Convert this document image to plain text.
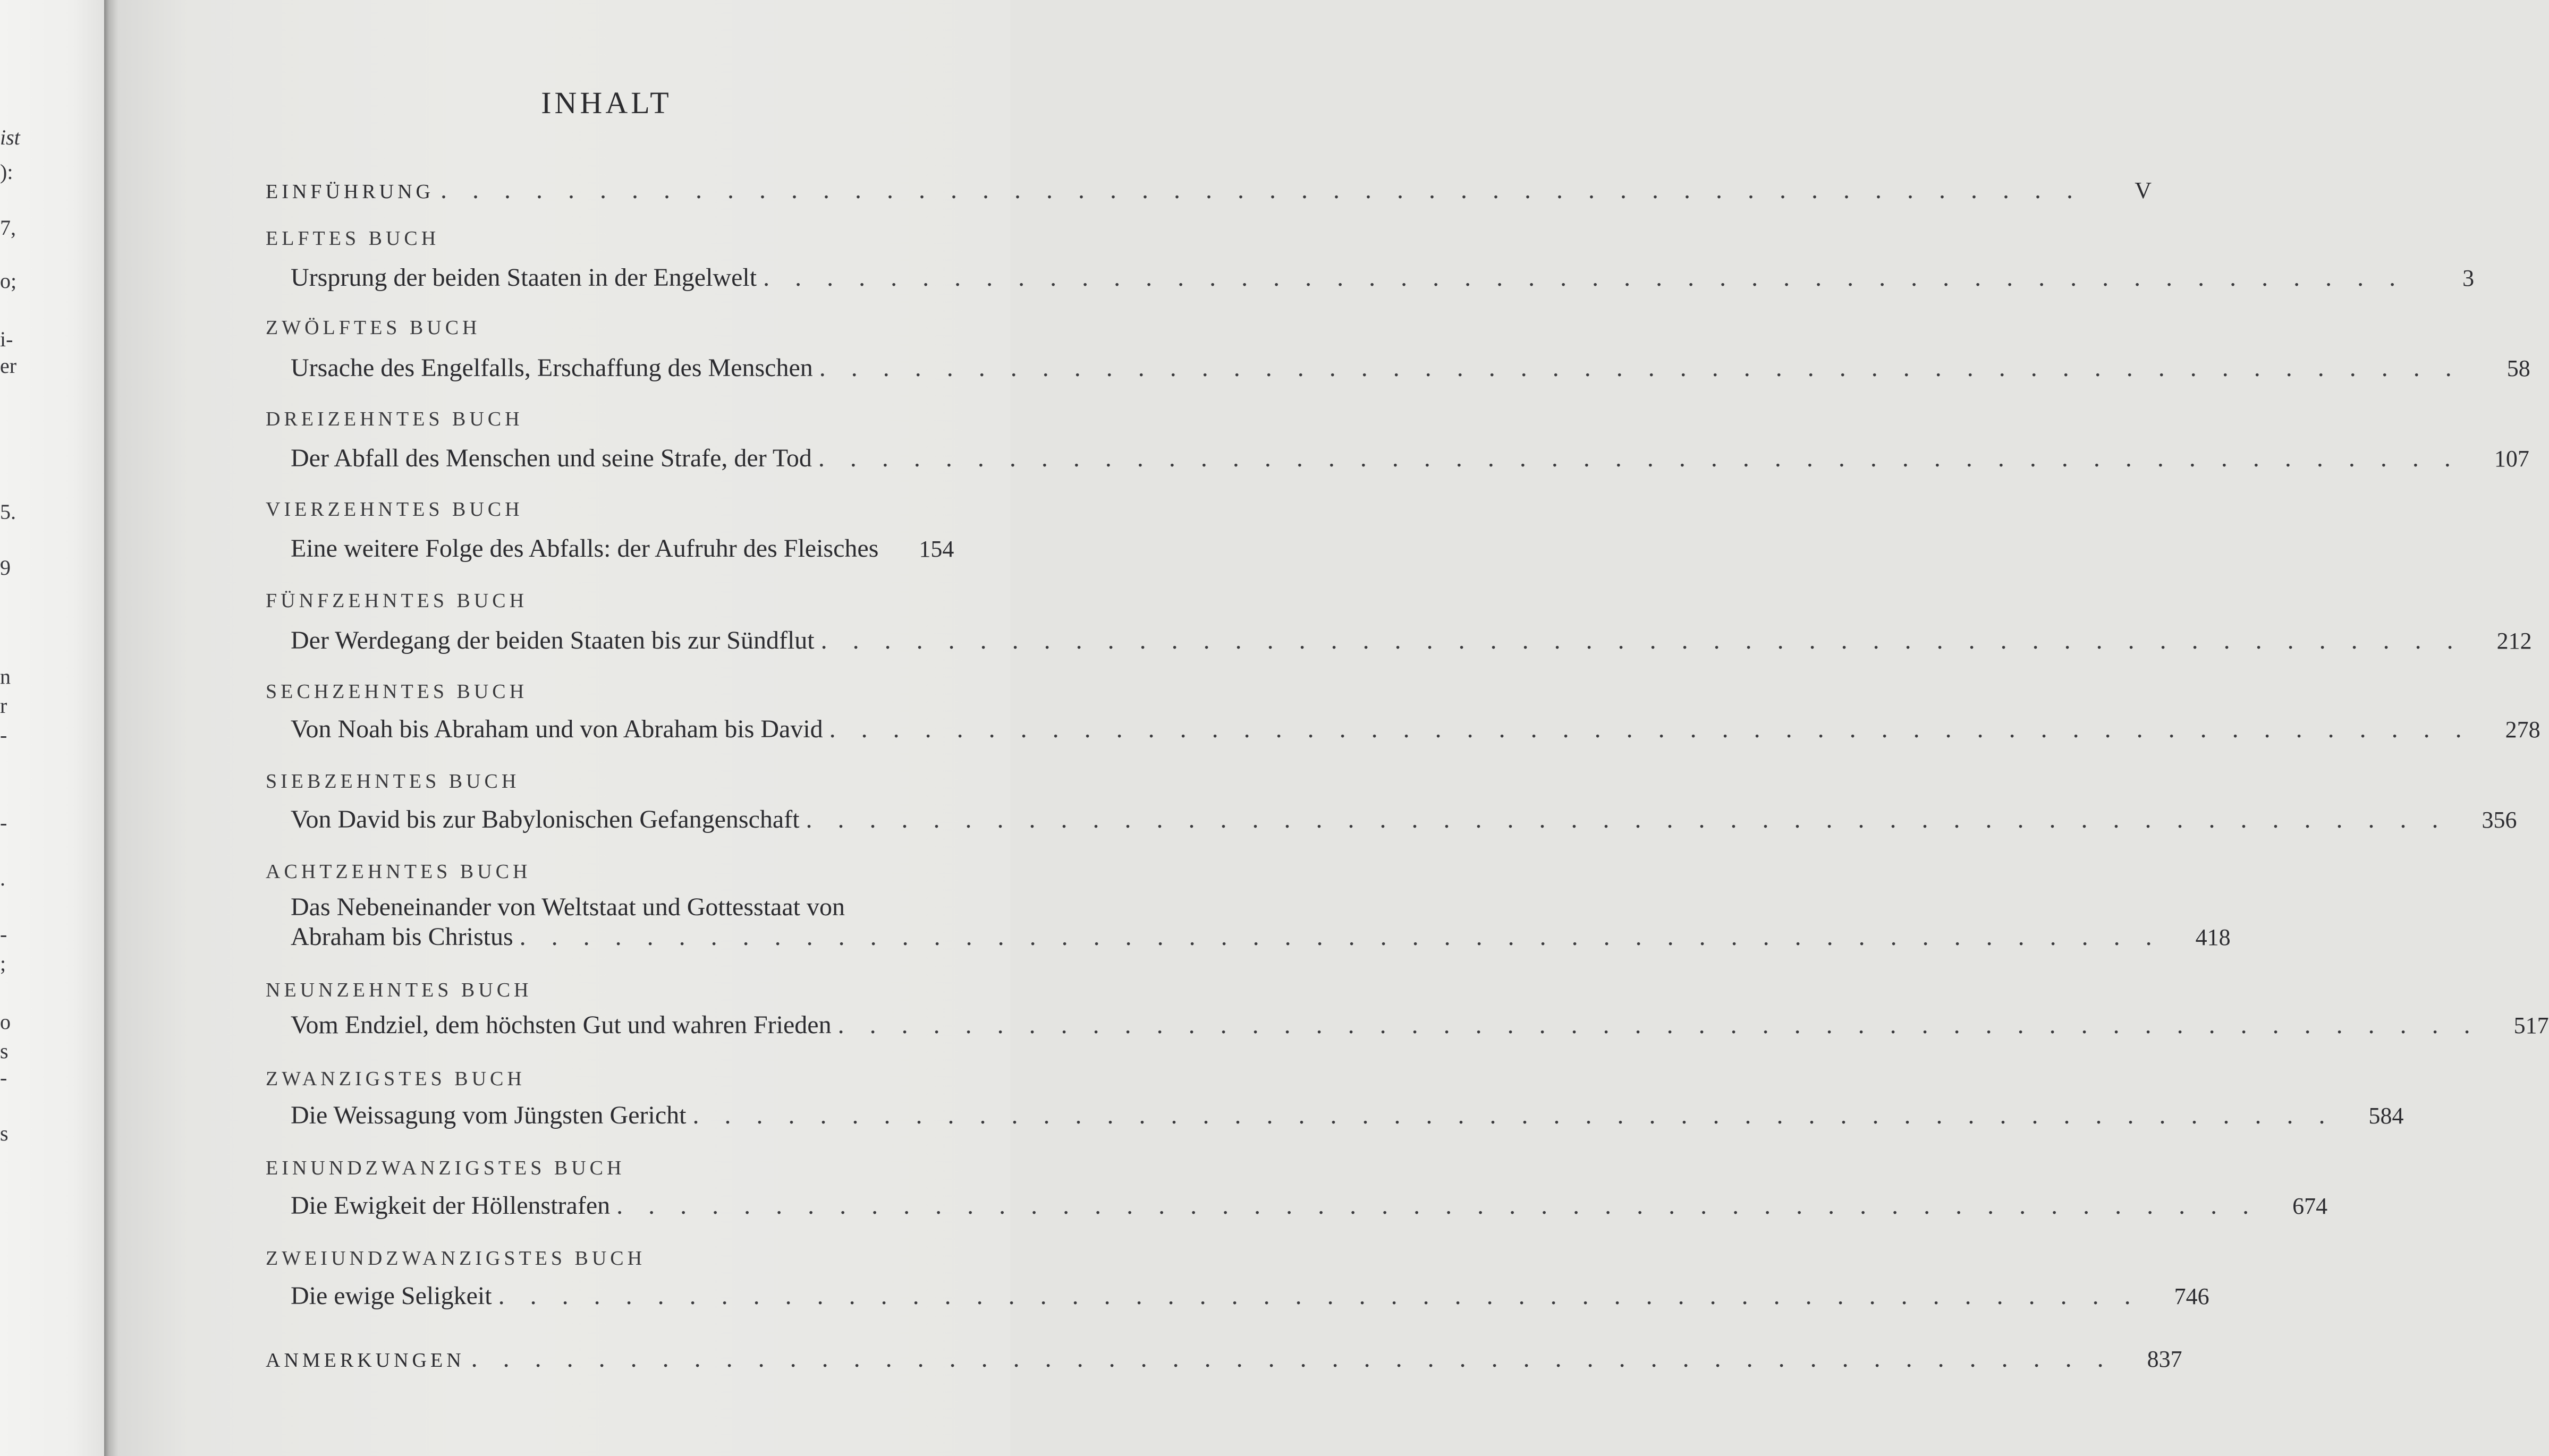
ist

):

7,

o;

i-

er

5.

9

n

r

-

-

.

-

;

o

s

-

s

INHALT
EINFÜHRUNG . . . . . . . . . . . . . . . . . . . . . . . . . . . . . . . . . . . . . . . . . . . . . . . . . . . .	V

ELFTES BUCH

Ursprung der beiden Staaten in der Engelwelt . . . . . . . . . . . . . . . . . . . . . . . . . . . . . . . . . . . . . . . . . . . . . . . . . . . .	3

ZWÖLFTES BUCH

Ursache des Engelfalls, Erschaffung des Menschen . . . . . . . . . . . . . . . . . . . . . . . . . . . . . . . . . . . . . . . . . . . . . . . . . . . .	58

DREIZEHNTES BUCH

Der Abfall des Menschen und seine Strafe, der Tod . . . . . . . . . . . . . . . . . . . . . . . . . . . . . . . . . . . . . . . . . . . . . . . . . . . .	107

VIERZEHNTES BUCH

Eine weitere Folge des Abfalls: der Aufruhr des Fleisches	154

FÜNFZEHNTES BUCH

Der Werdegang der beiden Staaten bis zur Sündflut . . . . . . . . . . . . . . . . . . . . . . . . . . . . . . . . . . . . . . . . . . . . . . . . . . . .	212

SECHZEHNTES BUCH

Von Noah bis Abraham und von Abraham bis David . . . . . . . . . . . . . . . . . . . . . . . . . . . . . . . . . . . . . . . . . . . . . . . . . . . .	278

SIEBZEHNTES BUCH

Von David bis zur Babylonischen Gefangenschaft . . . . . . . . . . . . . . . . . . . . . . . . . . . . . . . . . . . . . . . . . . . . . . . . . . . .	356

ACHTZEHNTES BUCH

Das Nebeneinander von Weltstaat und Gottesstaat von

Abraham bis Christus . . . . . . . . . . . . . . . . . . . . . . . . . . . . . . . . . . . . . . . . . . . . . . . . . . . .	418

NEUNZEHNTES BUCH

Vom Endziel, dem höchsten Gut und wahren Frieden . . . . . . . . . . . . . . . . . . . . . . . . . . . . . . . . . . . . . . . . . . . . . . . . . . . .	517

ZWANZIGSTES BUCH

Die Weissagung vom Jüngsten Gericht . . . . . . . . . . . . . . . . . . . . . . . . . . . . . . . . . . . . . . . . . . . . . . . . . . . .	584

EINUNDZWANZIGSTES BUCH

Die Ewigkeit der Höllenstrafen . . . . . . . . . . . . . . . . . . . . . . . . . . . . . . . . . . . . . . . . . . . . . . . . . . . .	674

ZWEIUNDZWANZIGSTES BUCH

Die ewige Seligkeit . . . . . . . . . . . . . . . . . . . . . . . . . . . . . . . . . . . . . . . . . . . . . . . . . . . .	746
ANMERKUNGEN . . . . . . . . . . . . . . . . . . . . . . . . . . . . . . . . . . . . . . . . . . . . . . . . . . . .	837
